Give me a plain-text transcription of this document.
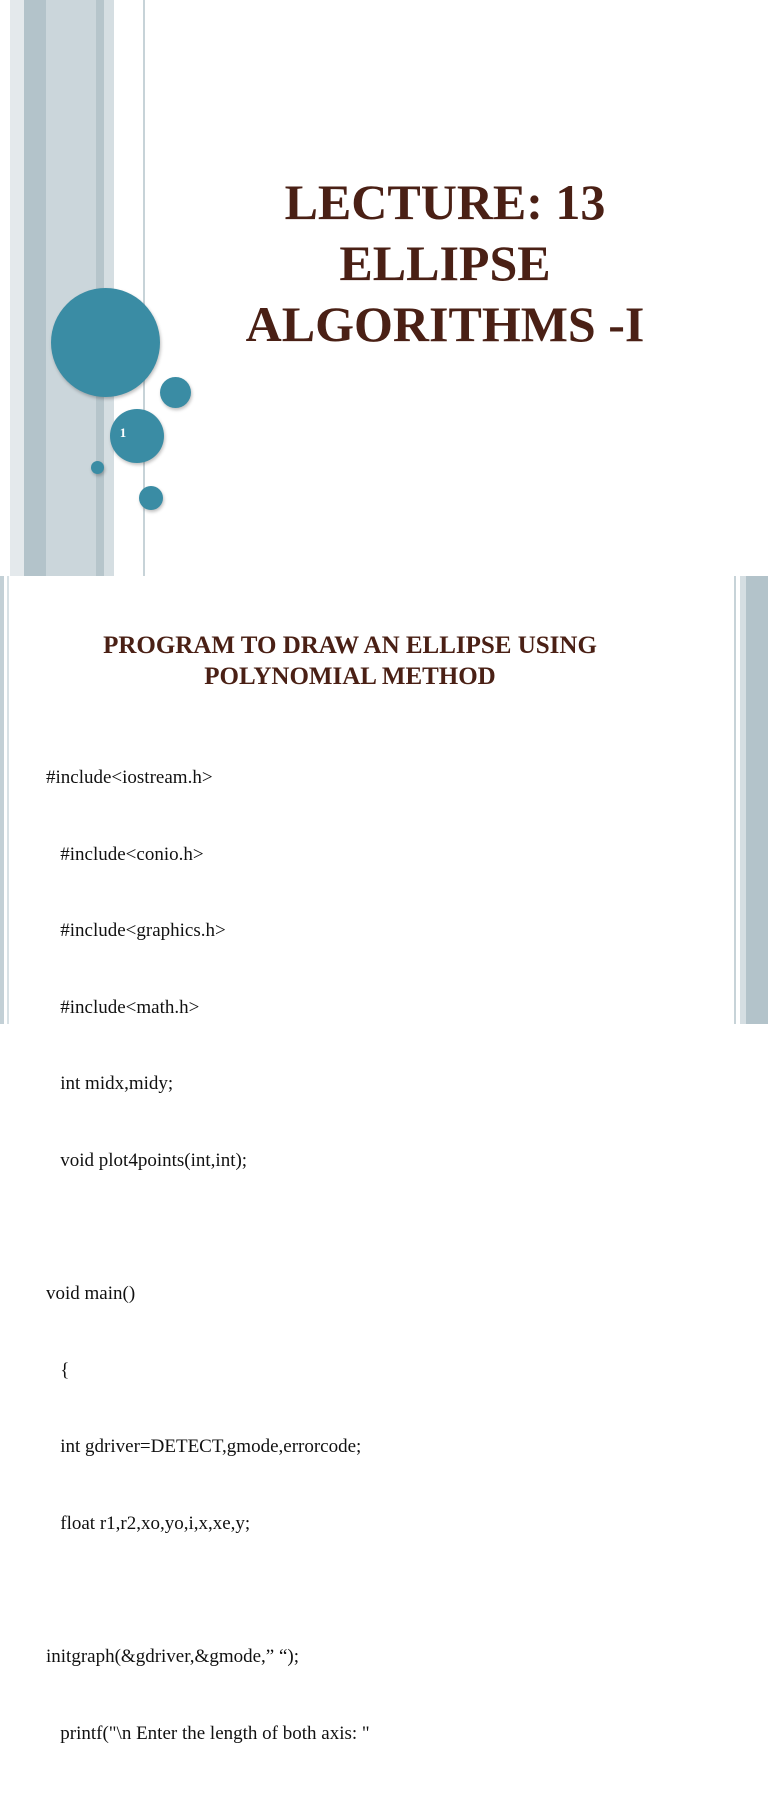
1
LECTURE: 13
ELLIPSE
ALGORITHMS -I
PROGRAM TO DRAW AN ELLIPSE USING
POLYNOMIAL METHOD

#include<iostream.h>

#include<conio.h>

#include<graphics.h>

#include<math.h>

int midx,midy;

void plot4points(int,int);

void main()

{

int gdriver=DETECT,gmode,errorcode;

float r1,r2,xo,yo,i,x,xe,y;

initgraph(&gdriver,&gmode,” “);

printf("\n Enter the length of both axis: "
